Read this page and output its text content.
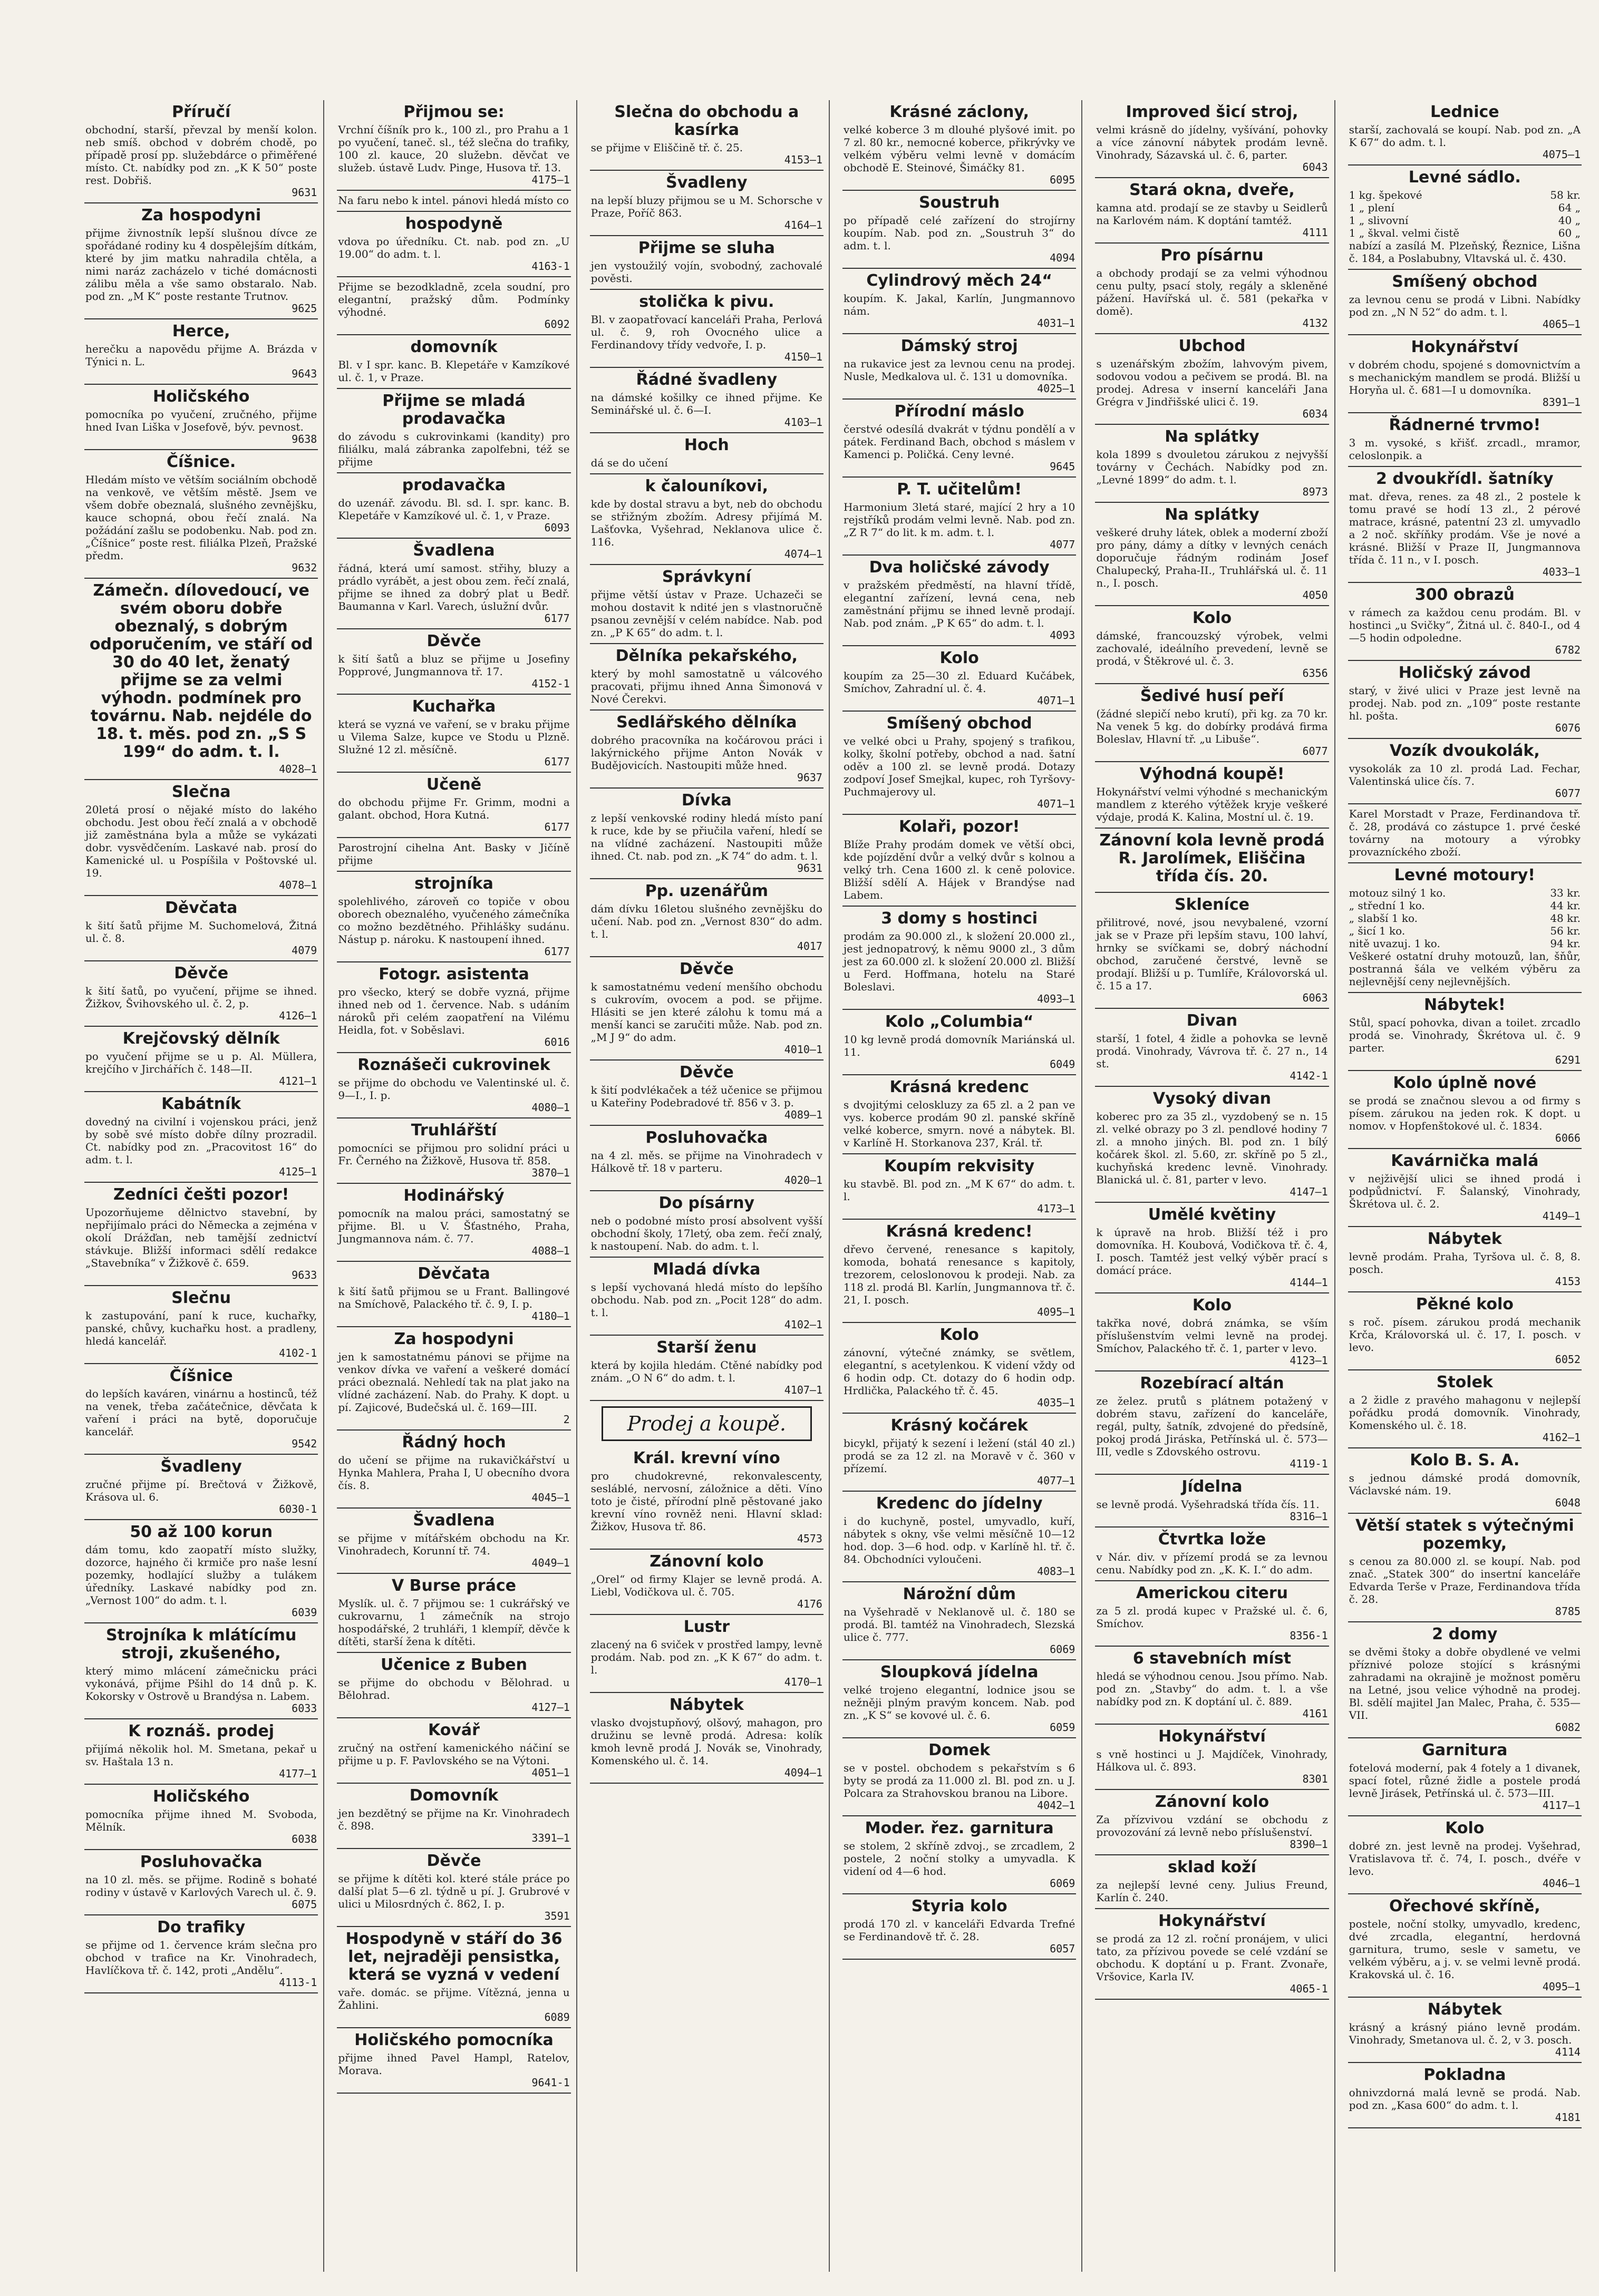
Příručí

obchodní, starší, převzal by menší kolon. neb smíš. obchod v dobrém chodě, po případě prosí pp. služebdárce o přiměřené místo. Ct. nabídky pod zn. „K K 50“ poste rest. Dobřiš.

9631
Za hospodyni

přijme živnostník lepší slušnou dívce ze spořádané rodiny ku 4 dospělejším dítkám, které by jim matku nahradila chtěla, a nimi naráz zacházelo v tiché domácnosti zálibu měla a vše samo obstaralo. Nab. pod zn. „M K“ poste restante Trutnov.

9625
Herce,

herečku a napovědu přijme A. Brázda v Týnici n. L.

9643
Holičského

pomocníka po vyučení, zručného, přijme hned Ivan Liška v Josefově, býv. pevnost.

9638
Číšnice.

Hledám místo ve větším sociálním obchodě na venkově, ve větším městě. Jsem ve všem dobře obeznalá, slušného zevnějšku, kauce schopná, obou řečí znalá. Na požádání zašlu se podobenku. Nab. pod zn. „Číšnice“ poste rest. filiálka Plzeň, Pražské předm.

9632
Zámečn. dílovedoucí, ve svém oboru dobře obeznalý, s dobrým odporučením, ve stáří od 30 do 40 let, ženatý přijme se za velmi výhodn. podmínek pro továrnu. Nab. nejdéle do 18. t. měs. pod zn. „S S 199“ do adm. t. l.
4028—1
Slečna

20letá prosí o nějaké místo do lakého obchodu. Jest obou řečí znalá a v obchodě již zaměstnána byla a může se vykázati dobr. vysvědčením. Laskavé nab. prosí do Kamenické ul. u Pospíšila v Poštovské ul. 19.

4078—1
Děvčata

k šití šatů přijme M. Suchomelová, Žitná ul. č. 8.

4079
Děvče

k šití šatů, po vyučení, přijme se ihned. Žižkov, Švihovského ul. č. 2, p.

4126—1
Krejčovský dělník

po vyučení přijme se u p. Al. Müllera, krejčího v Jirchářích č. 148—II.

4121—1
Kabátník

dovedný na civilní i vojenskou práci, jenž by sobě své místo dobře dílny prozradil. Ct. nabídky pod zn. „Pracovitost 16“ do adm. t. l.

4125—1
Zedníci češti pozor!

Upozorňujeme dělnictvo stavební, by nepřijímalo práci do Německa a zejména v okolí Drážďan, neb tamější zednictví stávkuje. Bližší informaci sdělí redakce „Stavebníka“ v Žižkově č. 659.

9633
Slečnu

k zastupování, paní k ruce, kuchařky, panské, chůvy, kuchařku host. a pradleny, hledá kancelář.

4102-1
Číšnice

do lepších kaváren, vinárnu a hostinců, též na venek, třeba začátečnice, děvčata k vaření i práci na bytě, doporučuje kancelář.

9542
Švadleny

zručné přijme pí. Brečtová v Žižkově, Krásova ul. 6.

6030-1
50 až 100 korun

dám tomu, kdo zaopatří místo služky, dozorce, hajného či krmiče pro naše lesní pozemky, hodlající služby a tulákem úředníky. Laskavé nabídky pod zn. „Vernost 100“ do adm. t. l.

6039
Strojníka k mlátícímu stroji, zkušeného,

který mimo mlácení zámečnicku práci vykonává, přijme Pšihl do 14 dnů p. K. Kokorsky v Ostrově u Brandýsa n. Labem.

6033
K roznáš. prodej

přijímá několik hol. M. Smetana, pekař u sv. Haštala 13 n.

4177—1
Holičského

pomocníka přijme ihned M. Svoboda, Mělník.

6038
Posluhovačka

na 10 zl. měs. se přijme. Rodině s bohaté rodiny v ústavě v Karlových Varech ul. č. 9.

6075
Do trafiky

se přijme od 1. července krám slečna pro obchod v trafice na Kr. Vinohradech, Havlíčkova tř. č. 142, proti „Andělu“.

4113-1
Přijmou se:

Vrchní číšník pro k., 100 zl., pro Prahu a 1 po vyučení, taneč. sl., též slečna do trafiky, 100 zl. kauce, 20 služebn. děvčat ve služeb. ústavě Ludv. Pinge, Husova tř. 13.

4175—1

Na faru nebo k intel. pánovi hledá místo co

hospodyně

vdova po úředníku. Ct. nab. pod zn. „U 19.00“ do adm. t. l.

4163-1

Přijme se bezodkladně, zcela soudní, pro elegantní, pražský dům. Podmínky výhodné.

6092
domovník

Bl. v I spr. kanc. B. Klepetáře v Kamzíkové ul. č. 1, v Praze.

Přijme se mladá prodavačka

do závodu s cukrovinkami (kandity) pro filiálku, malá zábranka zapolfebni, též se přijme

prodavačka

do uzenář. závodu. Bl. sd. I. spr. kanc. B. Klepetáře v Kamzíkové ul. č. 1, v Praze.

6093
Švadlena

řádná, která umí samost. střihy, bluzy a prádlo vyrábět, a jest obou zem. řečí znalá, přijme se ihned za dobrý plat u Bedř. Baumanna v Karl. Varech, úslužní dvůr.

6177
Děvče

k šití šatů a bluz se přijme u Josefiny Popprové, Jungmannova tř. 17.

4152-1
Kuchařka

která se vyzná ve vaření, se v braku přijme u Vilema Salze, kupce ve Stodu u Plzně. Služné 12 zl. měsíčně.

6177
Učeně

do obchodu přijme Fr. Grimm, modni a galant. obchod, Hora Kutná.

6177

Parostrojní cihelna Ant. Basky v Jičíně přijme

strojníka

spolehlivého, zároveň co topiče v obou oborech obeznalého, vyučeného zámečníka co možno bezdětného. Přihlášky sudánu. Nástup p. nároku. K nastoupení ihned.

6177
Fotogr. asistenta

pro všecko, který se dobře vyzná, přijme ihned neb od 1. července. Nab. s udáním nároků při celém zaopatření na Vilému Heidla, fot. v Soběslavi.

6016
Roznášeči cukrovinek

se přijme do obchodu ve Valentinské ul. č. 9—I., I. p.

4080—1
Truhlářští

pomocníci se přijmou pro solidní práci u Fr. Černého na Žižkově, Husova tř. 858.

3870—1
Hodinářský

pomocník na malou práci, samostatný se přijme. Bl. u V. Šťastného, Praha, Jungmannova nám. č. 77.

4088—1
Děvčata

k šití šatů přijmou se u Frant. Ballingové na Smíchově, Palackého tř. č. 9, I. p.

4180—1
Za hospodyni

jen k samostatnému pánovi se přijme na venkov dívka ve vaření a veškeré domácí práci obeznalá. Nehledí tak na plat jako na vlídné zacházení. Nab. do Prahy. K dopt. u pí. Zajicové, Budečská ul. č. 169—III.

2
Řádný hoch

do učení se přijme na rukavičkářství u Hynka Mahlera, Praha I, U obecního dvora čís. 8.

4045—1
Švadlena

se přijme v mítářském obchodu na Kr. Vinohradech, Korunní tř. 74.

4049—1
V Burse práce

Myslík. ul. č. 7 přijmou se: 1 cukrářský ve cukrovarnu, 1 zámečník na strojo hospodářské, 2 truhláři, 1 klempíř, děvče k dítěti, starší žena k dítěti.

Učenice z Buben

se přijme do obchodu v Bělohrad. u Bělohrad.

4127—1
Kovář

zručný na ostření kamenického náčiní se přijme u p. F. Pavlovského se na Výtoni.

4051—1
Domovník

jen bezdětný se přijme na Kr. Vinohradech č. 898.

3391—1
Děvče

se přijme k dítěti kol. které stále práce po další plat 5—6 zl. týdně u pí. J. Grubrové v ulici u Milosrdných č. 862, I. p.

3591
Hospodyně v stáří do 36 let, nejraději pensistka, která se vyzná v vedení

vaře. domác. se přijme. Vítězná, jenna u Žahlini.

6089
Holičského pomocníka

přijme ihned Pavel Hampl, Ratelov, Morava.

9641-1
Slečna do obchodu a kasírka

se přijme v Eliščině tř. č. 25.

4153—1
Švadleny

na lepší bluzy přijmou se u M. Schorsche v Praze, Poříč 863.

4164—1
Přijme se sluha

jen vystoužilý vojín, svobodný, zachovalé pověsti.

stolička k pivu.

Bl. v zaopatřovací kanceláři Praha, Perlová ul. č. 9, roh Ovocného ulice a Ferdinandovy třídy vedvoře, I. p.

4150—1
Řádné švadleny

na dámské košilky ce ihned přijme. Ke Seminářské ul. č. 6—I.

4103—1
Hoch

dá se do učení

k čalouníkovi,

kde by dostal stravu a byt, neb do obchodu se střižným zbožím. Adresy přijímá M. Lašťovka, Vyšehrad, Neklanova ulice č. 116.

4074—1
Správkyní

přijme větší ústav v Praze. Uchazeči se mohou dostavit k ndité jen s vlastnoručně psanou zevnější v celém nabídce. Nab. pod zn. „P K 65“ do adm. t. l.

Dělníka pekařského,

který by mohl samostatně u válcového pracovati, přijmu ihned Anna Šimonová v Nové Čerekvi.

Sedlářského dělníka

dobrého pracovníka na kočárovou práci i lakýrnického přijme Anton Novák v Budějovicích. Nastoupiti může hned.

9637
Dívka

z lepší venkovské rodiny hledá místo paní k ruce, kde by se přiučila vaření, hledí se na vlídné zacházení. Nastoupiti může ihned. Ct. nab. pod zn. „K 74“ do adm. t. l.

9631
Pp. uzenářům

dám dívku 16letou slušného zevnějšku do učení. Nab. pod zn. „Vernost 830“ do adm. t. l.

4017
Děvče

k samostatnému vedení menšího obchodu s cukrovím, ovocem a pod. se přijme. Hlásiti se jen které zálohu k tomu má a menší kanci se zaručiti může. Nab. pod zn. „M J 9“ do adm.

4010—1
Děvče

k šití podvlékaček a též učenice se přijmou u Kateřiny Podebradové tř. 856 v 3. p.

4089—1
Posluhovačka

na 4 zl. měs. se přijme na Vinohradech v Hálkově tř. 18 v parteru.

4020—1
Do písárny

neb o podobné místo prosí absolvent vyšší obchodní školy, 17letý, oba zem. řečí znalý, k nastoupení. Nab. do adm. t. l.

Mladá dívka

s lepší vychovaná hledá místo do lepšího obchodu. Nab. pod zn. „Pocit 128“ do adm. t. l.

4102—1
Starší ženu

která by kojila hledám. Ctěné nabídky pod znám. „O N 6“ do adm. t. l.

4107—1
Prodej a koupě.
Král. krevní víno

pro chudokrevné, rekonvalescenty, sesláblé, nervosní, záložnice a děti. Víno toto je čisté, přírodní plně pěstované jako krevní víno rovněž neni. Hlavní sklad: Žižkov, Husova tř. 86.

4573
Zánovní kolo

„Orel“ od firmy Klajer se levně prodá. A. Liebl, Vodičkova ul. č. 705.

4176
Lustr

zlacený na 6 sviček v prostřed lampy, levně prodám. Nab. pod zn. „K K 67“ do adm. t. l.

4170—1
Nábytek

vlasko dvojstupňový, olšový, mahagon, pro družinu se levně prodá. Adresa: kolík kmoh levně prodá J. Novák se, Vinohrady, Komenského ul. č. 14.

4094—1
Krásné záclony,

velké koberce 3 m dlouhé plyšové imit. po 7 zl. 80 kr., nemocné koberce, přikrývky ve velkém výběru velmi levně v domácím obchodě E. Steinové, Šimáčky 81.

6095
Soustruh

po případě celé zařízení do strojírny koupím. Nab. pod zn. „Soustruh 3“ do adm. t. l.

4094
Cylindrový měch 24“

koupím. K. Jakal, Karlín, Jungmannovo nám.

4031—1
Dámský stroj

na rukavice jest za levnou cenu na prodej. Nusle, Medkalova ul. č. 131 u domovníka.

4025—1
Přírodní máslo

čerstvé odesílá dvakrát v týdnu pondělí a v pátek. Ferdinand Bach, obchod s máslem v Kamenci p. Poličká. Ceny levné.

9645
P. T. učitelům!

Harmonium 3letá staré, mající 2 hry a 10 rejstříků prodám velmi levně. Nab. pod zn. „Z R 7“ do lit. k m. adm. t. l.

4077
Dva holičské závody

v pražském předměstí, na hlavní třídě, elegantní zařízení, levná cena, neb zaměstnání přijmu se ihned levně prodají. Nab. pod znám. „P K 65“ do adm. t. l.

4093
Kolo

koupím za 25—30 zl. Eduard Kučábek, Smíchov, Zahradní ul. č. 4.

4071—1
Smíšený obchod

ve velké obci u Prahy, spojený s trafikou, kolky, školní potřeby, obchod a nad. šatní oděv a 100 zl. se levně prodá. Dotazy zodpoví Josef Smejkal, kupec, roh Tyršovy-Puchmajerovy ul.

4071—1
Kolaři, pozor!

Blíže Prahy prodám domek ve větší obci, kde pojízdění dvůr a velký dvůr s kolnou a velký trh. Cena 1600 zl. k ceně polovice. Bližší sdělí A. Hájek v Brandýse nad Labem.

3 domy s hostinci

prodám za 90.000 zl., k složení 20.000 zl., jest jednopatrový, k němu 9000 zl., 3 dům jest za 60.000 zl. k složení 20.000 zl. Bližší u Ferd. Hoffmana, hotelu na Staré Boleslavi.

4093—1
Kolo „Columbia“

10 kg levně prodá domovník Mariánská ul. 11.

6049
Krásná kredenc

s dvojitými celoskluzy za 65 zl. a 2 pan ve vys. koberce prodám 90 zl. panské skříně velké koberce, smyrn. nové a nábytek. Bl. v Karlíně H. Storkanova 237, Král. tř.

Koupím rekvisity

ku stavbě. Bl. pod zn. „M K 67“ do adm. t. l.

4173—1
Krásná kredenc!

dřevo červené, renesance s kapitoly, komoda, bohatá renesance s kapitoly, trezorem, celoslonovou k prodeji. Nab. za 118 zl. prodá Bl. Karlín, Jungmannova tř. č. 21, I. posch.

4095—1
Kolo

zánovní, výtečné známky, se světlem, elegantní, s acetylenkou. K videní vždy od 6 hodin odp. Ct. dotazy do 6 hodin odp. Hrdlička, Palackého tř. č. 45.

4035—1
Krásný kočárek

bicykl, přijatý k sezení i ležení (stál 40 zl.) prodá se za 12 zl. na Moravě v č. 360 v přízemí.

4077—1
Kredenc do jídelny

i do kuchyně, postel, umyvadlo, kuří, nábytek s okny, vše velmi měsíčně 10—12 hod. dop. 3—6 hod. odp. v Karlíně hl. tř. č. 84. Obchodníci vyloučeni.

4083—1
Nárožní dům

na Vyšehradě v Neklanově ul. č. 180 se prodá. Bl. tamtéž na Vinohradech, Slezská ulice č. 777.

6069
Sloupková jídelna

velké trojeno elegantní, lodnice jsou se nežněji plným pravým koncem. Nab. pod zn. „K S“ se kovové ul. č. 6.

6059
Domek

se v postel. obchodem s pekařstvím s 6 byty se prodá za 11.000 zl. Bl. pod zn. u J. Polcara za Strahovskou branou na Libore.

4042—1
Moder. řez. garnitura

se stolem, 2 skříně zdvoj., se zrcadlem, 2 postele, 2 noční stolky a umyvadla. K videní od 4—6 hod.

6069
Styria kolo

prodá 170 zl. v kanceláři Edvarda Trefné se Ferdinandově tř. č. 28.

6057
Improved šicí stroj,

velmi krásně do jídelny, vyšívání, pohovky a více zánovní nábytek prodám levně. Vinohrady, Sázavská ul. č. 6, parter.

6043
Stará okna, dveře,

kamna atd. prodají se ze stavby u Seidlerů na Karlovém nám. K doptání tamtéž.

4111
Pro písárnu

a obchody prodají se za velmi výhodnou cenu pulty, psací stoly, regály a skleněné pážení. Havířská ul. č. 581 (pekařka v domě).

4132
Ubchod

s uzenářským zbožím, lahvovým pivem, sodovou vodou a pečivem se prodá. Bl. na prodej. Adresa v inserní kanceláři Jana Grégra v Jindřišské ulici č. 19.

6034
Na splátky

kola 1899 s dvouletou zárukou z nejvyšší továrny v Čechách. Nabídky pod zn. „Levné 1899“ do adm. t. l.

8973
Na splátky

veškeré druhy látek, oblek a moderní zboží pro pány, dámy a dítky v levných cenách doporučuje řádným rodinám Josef Chalupecký, Praha-II., Truhlářská ul. č. 11 n., I. posch.

4050
Kolo

dámské, francouzský výrobek, velmi zachovalé, ideálního prevedení, levně se prodá, v Štěkrové ul. č. 3.

6356
Šedivé husí peří

(žádné slepičí nebo krutí), při kg. za 70 kr. Na venek 5 kg. do dobírky prodává firma Boleslav, Hlavní tř. „u Libuše“.

6077
Výhodná koupě!

Hokynářství velmi výhodné s mechanickým mandlem z kterého výtěžek kryje veškeré výdaje, prodá K. Kalina, Mostní ul. č. 19.

Zánovní kola levně prodá R. Jarolímek, Eliščina třída čís. 20.
Skleníce

přilitrové, nové, jsou nevybalené, vzorní jak se v Praze při lepším stavu, 100 lahví, hrnky se svíčkami se, dobrý náchodní obchod, zaručené čerstvé, levně se prodají. Bližší u p. Tumlíře, Královorská ul. č. 15 a 17.

6063
Divan

starší, 1 fotel, 4 židle a pohovka se levně prodá. Vinohrady, Vávrova tř. č. 27 n., 14 st.

4142-1
Vysoký divan

koberec pro za 35 zl., vyzdobený se n. 15 zl. velké obrazy po 3 zl. pendlové hodiny 7 zl. a mnoho jiných. Bl. pod zn. 1 bílý kočárek škol. zl. 5.60, zr. skříně po 5 zl., kuchyňská kredenc levně. Vinohrady. Blanická ul. č. 81, parter v levo.

4147—1
Umělé květiny

k úpravě na hrob. Bližší též i pro domovníka. H. Koubová, Vodičkova tř. č. 4, I. posch. Tamtéž jest velký výběr prací s domácí práce.

4144—1
Kolo

takřka nové, dobrá známka, se vším příslušenstvím velmi levně na prodej. Smíchov, Palackého tř. č. 1, parter v levo.

4123—1
Rozebírací altán

ze želez. prutů s plátnem potažený v dobrém stavu, zařízení do kanceláře, regál, pulty, šatník, zdvojené do předsíně, pokoj prodá Jiráska, Petřínská ul. č. 573—III, vedle s Zdovského ostrovu.

4119-1
Jídelna

se levně prodá. Vyšehradská třída čís. 11.

8316—1
Čtvrtka lože

v Nár. div. v přízemí prodá se za levnou cenu. Nabídky pod zn. „K. K. I.“ do adm.

Americkou citeru

za 5 zl. prodá kupec v Pražské ul. č. 6, Smíchov.

8356-1
6 stavebních míst

hledá se výhodnou cenou. Jsou přímo. Nab. pod zn. „Stavby“ do adm. t. l. a vše nabídky pod zn. K doptání ul. č. 889.

4161
Hokynářství

s vně hostinci u J. Majdíček, Vinohrady, Hálkova ul. č. 893.

8301
Zánovní kolo

Za přízvivou vzdání se obchodu z provozování zá levně nebo příslušenství.

8390—1
sklad koží

za nejlepší levné ceny. Julius Freund, Karlín č. 240.

Hokynářství

se prodá za 12 zl. roční pronájem, v ulici tato, za přízivou povede se celé vzdání se obchodu. K doptání u p. Frant. Zvonaře, Vršovice, Karla IV.

4065-1
Lednice

starší, zachovalá se koupí. Nab. pod zn. „A K 67“ do adm. t. l.

4075—1
Levné sádlo.
1 kg. špekové	58 kr.
1 „ plení	64 „
1 „ slivovní	40 „
1 „ škval. velmi čistě	60 „

nabízí a zasílá M. Plzeňský, Řeznice, Lišna č. 184, a Poslabubny, Vltavská ul. č. 430.

Smíšený obchod

za levnou cenu se prodá v Libni. Nabídky pod zn. „N N 52“ do adm. t. l.

4065—1
Hokynářství

v dobrém chodu, spojené s domovnictvím a s mechanickým mandlem se prodá. Bližší u Horyňa ul. č. 681—I u domovníka.

8391—1
Řádnerné trvmo!

3 m. vysoké, s křišť. zrcadl., mramor, celoslonpik. a

2 dvoukřídl. šatníky

mat. dřeva, renes. za 48 zl., 2 postele k tomu pravé se hodí 13 zl., 2 pérové matrace, krásné, patentní 23 zl. umyvadlo a 2 noč. skříňky prodám. Vše je nové a krásné. Bližší v Praze II, Jungmannova třída č. 11 n., v I. posch.

4033—1
300 obrazů

v rámech za každou cenu prodám. Bl. v hostinci „u Svičky“, Žitná ul. č. 840-I., od 4—5 hodin odpoledne.

6782
Holičský závod

starý, v živé ulici v Praze jest levně na prodej. Nab. pod zn. „109“ poste restante hl. pošta.

6076
Vozík dvoukolák,

vysokolák za 10 zl. prodá Lad. Fechar, Valentinská ulice čís. 7.

6077

Karel Morstadt v Praze, Ferdinandova tř. č. 28, prodává co zástupce 1. prvé české továrny na motoury a výrobky provazníckého zboží.

Levné motoury!
motouz silný 1 ko.	33 kr.
„ střední 1 ko.	44 kr.
„ slabší 1 ko.	48 kr.
„ šicí 1 ko.	56 kr.
nitě uvazuj. 1 ko.	94 kr.

Veškeré ostatní druhy motouzů, lan, šňůr, postranná šála ve velkém výběru za nejlevnější ceny nejlevnějších.

Nábytek!

Stůl, spací pohovka, divan a toilet. zrcadlo prodá se. Vinohrady, Škrétova ul. č. 9 parter.

6291
Kolo úplně nové

se prodá se značnou slevou a od firmy s písem. zárukou na jeden rok. K dopt. u nomov. v Hopfenštokové ul. č. 1834.

6066
Kavárnička malá

v nejživější ulici se ihned prodá i podpůdnictví. F. Šalanský, Vinohrady, Škrétova ul. č. 2.

4149—1
Nábytek

levně prodám. Praha, Tyršova ul. č. 8, 8. posch.

4153
Pěkné kolo

s roč. písem. zárukou prodá mechanik Krča, Královorská ul. č. 17, I. posch. v levo.

6052
Stolek

a 2 židle z pravého mahagonu v nejlepší pořádku prodá domovník. Vinohrady, Komenského ul. č. 18.

4162—1
Kolo B. S. A.

s jednou dámské prodá domovník, Václavské nám. 19.

6048
Větší statek s výtečnými pozemky,

s cenou za 80.000 zl. se koupí. Nab. pod znač. „Statek 300“ do insertní kanceláře Edvarda Terše v Praze, Ferdinandova třída č. 28.

8785
2 domy

se dvěmi štoky a dobře obydlené ve velmi příznivé poloze stojící s krásnými zahradami na okrajině je možnost poměru na Letné, jsou velice výhodně na prodej. Bl. sdělí majitel Jan Malec, Praha, č. 535—VII.

6082
Garnitura

fotelová moderní, pak 4 fotely a 1 divanek, spací fotel, různé židle a postele prodá levně Jirásek, Petřínská ul. č. 573—III.

4117—1
Kolo

dobré zn. jest levně na prodej. Vyšehrad, Vratislavova tř. č. 74, I. posch., dvéře v levo.

4046—1
Ořechové skříně,

postele, noční stolky, umyvadlo, kredenc, dvé zrcadla, elegantní, herdovná garnitura, trumo, sesle v sametu, ve velkém výběru, a j. v. se velmi levně prodá. Krakovská ul. č. 16.

4095—1
Nábytek

krásný a krásný piáno levně prodám. Vinohrady, Smetanova ul. č. 2, v 3. posch.

4114
Pokladna

ohnivzdorná malá levně se prodá. Nab. pod zn. „Kasa 600“ do adm. t. l.

4181
